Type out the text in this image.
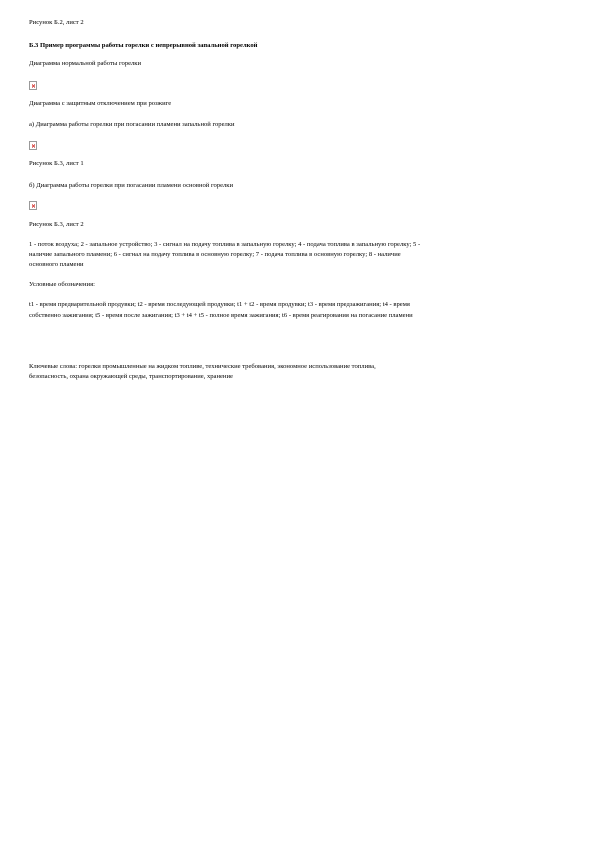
Рисунок Б.2, лист 2
Б.3 Пример программы работы горелки с непрерывной запальной горелкой
Диаграмма нормальной работы горелки
Диаграмма с защитным отключением при розжиге
а) Диаграмма работы горелки при погасании пламени запальной горелки
Рисунок Б.3, лист 1
б) Диаграмма работы горелки при погасании пламени основной горелки
Рисунок Б.3, лист 2
1 - поток воздуха; 2 - запальное устройство; 3 - сигнал на подачу топлива в запальную горелку; 4 - подача топлива в запальную горелку; 5 -
наличие запального пламени; 6 - сигнал на подачу топлива в основную горелку; 7 - подача топлива в основную горелку; 8 - наличие
основного пламени
Условные обозначения:
t1 - время предварительной продувки; t2 - время последующей продувки; t1 + t2 - время продувки; t3 - время предзажигания; t4 - время
собственно зажигания; t5 - время после зажигания; t3 + t4 + t5 - полное время зажигания; t6 - время реагирования на погасание пламени
Ключевые слова: горелки промышленные на жидком топливе, технические требования, экономное использование топлива,
безопасность, охрана окружающей среды, транспортирование, хранение
